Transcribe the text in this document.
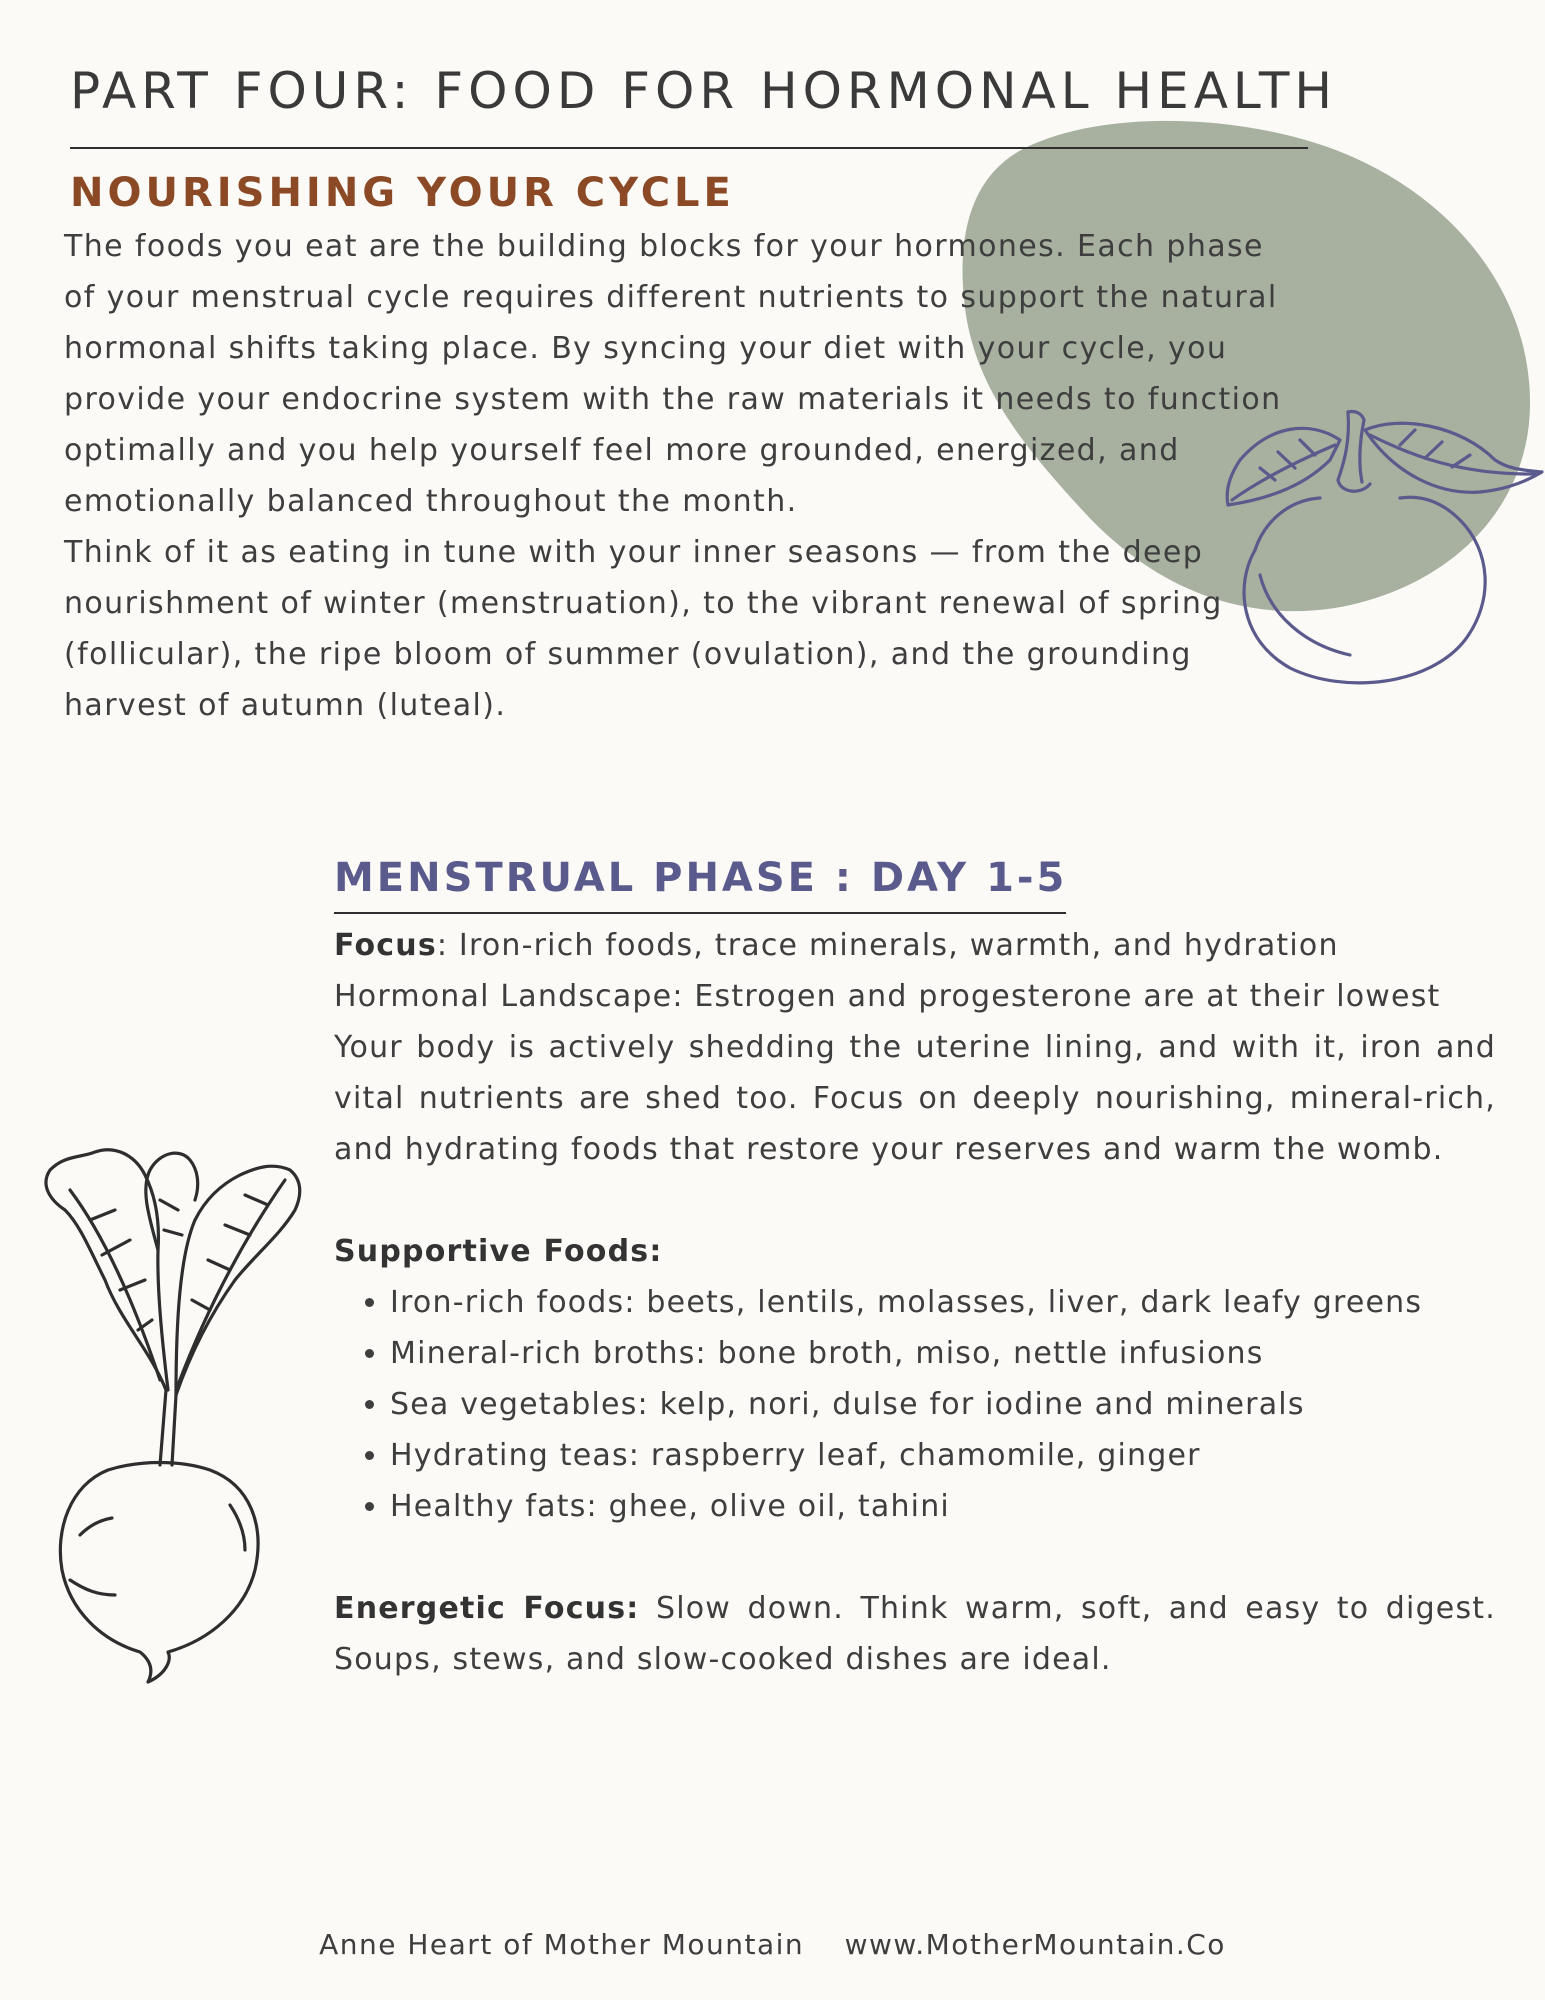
PART FOUR: FOOD FOR HORMONAL HEALTH
NOURISHING YOUR CYCLE

The foods you eat are the building blocks for your hormones. Each phase of your menstrual cycle requires different nutrients to support the natural hormonal shifts taking place. By syncing your diet with your cycle, you provide your endocrine system with the raw materials it needs to function optimally and you help yourself feel more grounded, energized, and emotionally balanced throughout the month.

Think of it as eating in tune with your inner seasons — from the deep nourishment of winter (menstruation), to the vibrant renewal of spring (follicular), the ripe bloom of summer (ovulation), and the grounding harvest of autumn (luteal).

MENSTRUAL PHASE : DAY 1-5

Focus: Iron-rich foods, trace minerals, warmth, and hydration

Hormonal Landscape: Estrogen and progesterone are at their lowest

Your body is actively shedding the uterine lining, and with it, iron and vital nutrients are shed too. Focus on deeply nourishing, mineral-rich, and hydrating foods that restore your reserves and warm the womb.

Supportive Foods:

• Iron-rich foods: beets, lentils, molasses, liver, dark leafy greens
• Mineral-rich broths: bone broth, miso, nettle infusions
• Sea vegetables: kelp, nori, dulse for iodine and minerals
• Hydrating teas: raspberry leaf, chamomile, ginger
• Healthy fats: ghee, olive oil, tahini

Energetic Focus: Slow down. Think warm, soft, and easy to digest. Soups, stews, and slow-cooked dishes are ideal.

Anne Heart of Mother Mountain www.MotherMountain.Co
